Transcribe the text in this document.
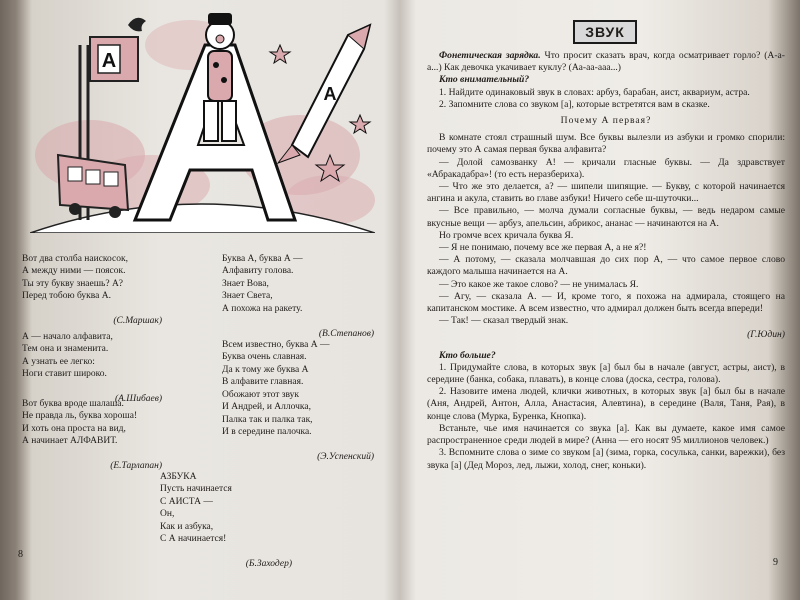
А
А

Вот два столба наискосок,
А между ними — поясок.
Ты эту букву знаешь? А?
Перед тобою буква А.

(С.Маршак)

А — начало алфавита,
Тем она и знаменита.
А узнать ее легко:
Ноги ставит широко.

(А.Шибаев)

Вот буква вроде шалаша.
Не правда ль, буква хороша!
И хоть она проста на вид,
А начинает АЛФАВИТ.

(Е.Тарлапан)

Буква А, буква А —
Алфавиту голова.
Знает Вова,
Знает Света,
А похожа на ракету.

(В.Степанов)

Всем известно, буква А —
Буква очень славная.
Да к тому же буква А
В алфавите главная.
Обожают этот звук
И Андрей, и Аллочка,
Палка так и палка так,
И в середине палочка.

(Э.Успенский)

АЗБУКА
Пусть начинается
С АИСТА —
Он,
Как и азбука,
С А начинается!

(Б.Заходер)

8
ЗВУК

Фонетическая зарядка. Что просит сказать врач, когда осматривает горло? (А-а-а...) Как девочка укачивает куклу? (Аа-аа-ааа...)

Кто внимательный?

1. Найдите одинаковый звук в словах: арбуз, барабан, аист, аквариум, астра.

2. Запомните слова со звуком [а], которые встретятся вам в сказке.

Почему А первая?

В комнате стоял страшный шум. Все буквы вылезли из азбуки и громко спорили: почему это А самая первая буква алфавита?

— Долой самозванку А! — кричали гласные буквы. — Да здравствует «Абракадабра»! (то есть неразбериха).

— Что же это делается, а? — шипели шипящие. — Букву, с которой начинается ангина и акула, ставить во главе азбуки! Ничего себе ш-шуточки...

— Все правильно, — молча думали согласные буквы, — ведь недаром самые вкусные вещи — арбуз, апельсин, абрикос, ананас — начинаются на А.

Но громче всех кричала буква Я.

— Я не понимаю, почему все же первая А, а не я?!

— А потому, — сказала молчавшая до сих пор А, — что самое первое слово каждого малыша начинается на А.

— Это какое же такое слово? — не унималась Я.

— Агу, — сказала А. — И, кроме того, я похожа на адмирала, стоящего на капитанском мостике. А всем известно, что адмирал должен быть всегда впереди!

— Так! — сказал твердый знак.

(Г.Юдин)

Кто больше?

1. Придумайте слова, в которых звук [а] был бы в начале (август, астры, аист), в середине (банка, собака, плавать), в конце слова (доска, сестра, голова).

2. Назовите имена людей, клички животных, в которых звук [а] был бы в начале (Аня, Андрей, Антон, Алла, Анастасия, Алевтина), в середине (Валя, Таня, Рая), в конце слова (Мурка, Буренка, Кнопка).

Встаньте, чье имя начинается со звука [а]. Как вы думаете, какое имя самое распространенное среди людей в мире? (Анна — его носят 95 миллионов человек.)

3. Вспомните слова о зиме со звуком [а] (зима, горка, сосулька, санки, варежки), без звука [а] (Дед Мороз, лед, лыжи, холод, снег, коньки).

9
